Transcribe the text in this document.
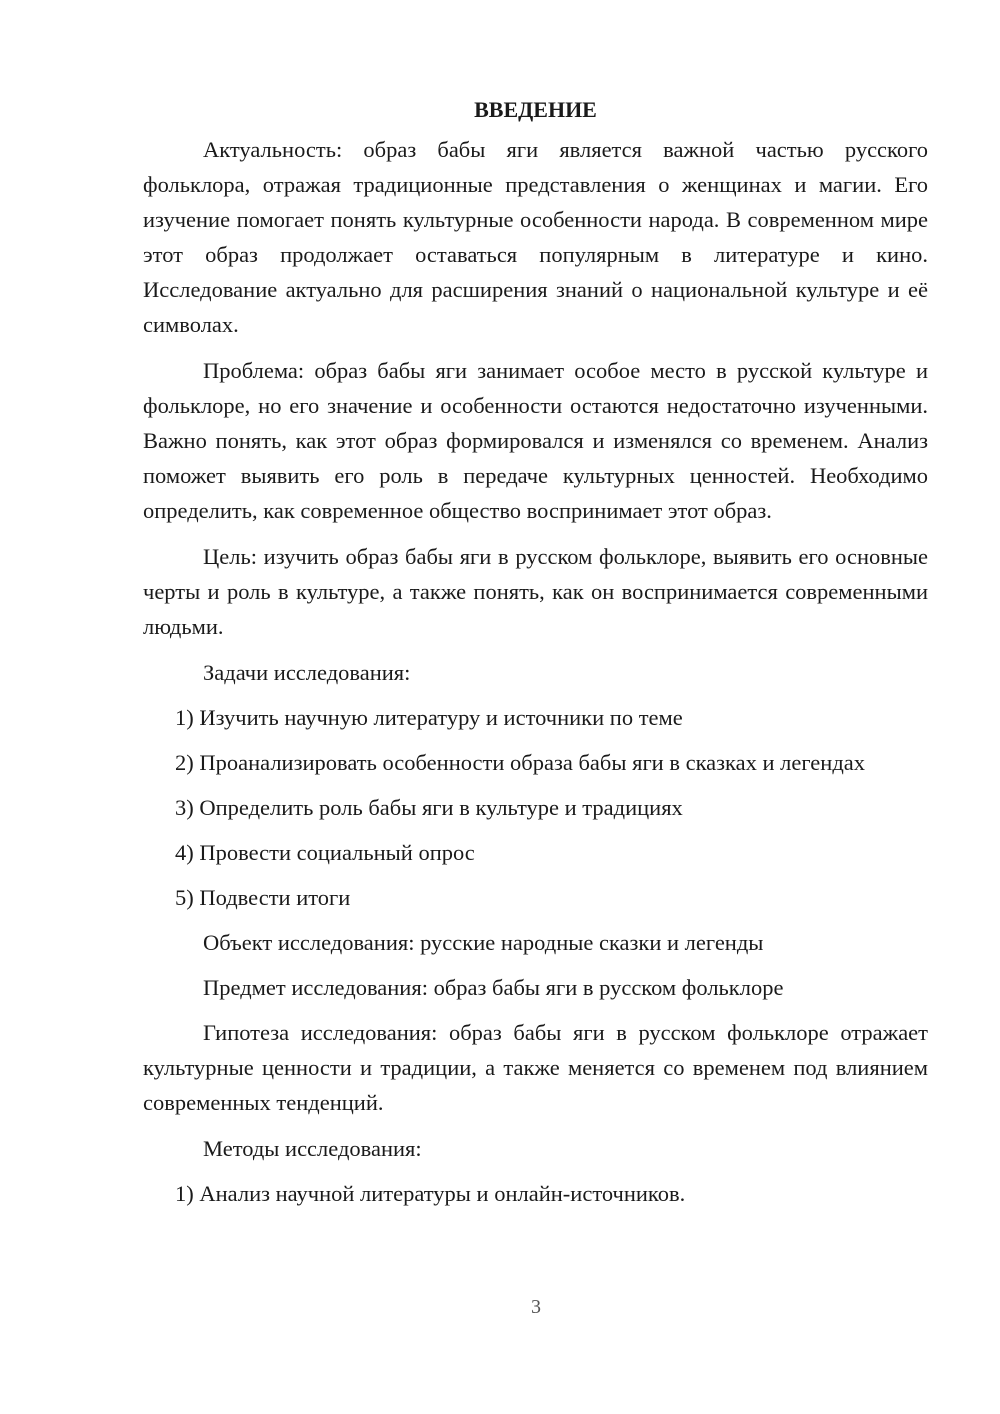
ВВЕДЕНИЕ

Актуальность: образ бабы яги является важной частью русского фольклора, отражая традиционные представления о женщинах и магии. Его изучение помогает понять культурные особенности народа. В современном мире этот образ продолжает оставаться популярным в литературе и кино. Исследование актуально для расширения знаний о национальной культуре и её символах.

Проблема: образ бабы яги занимает особое место в русской культуре и фольклоре, но его значение и особенности остаются недостаточно изученными. Важно понять, как этот образ формировался и изменялся со временем. Анализ поможет выявить его роль в передаче культурных ценностей. Необходимо определить, как современное общество воспринимает этот образ.

Цель: изучить образ бабы яги в русском фольклоре, выявить его основные черты и роль в культуре, а также понять, как он воспринимается современными людьми.

Задачи исследования:

1) Изучить научную литературу и источники по теме

2) Проанализировать особенности образа бабы яги в сказках и легендах

3) Определить роль бабы яги в культуре и традициях

4) Провести социальный опрос

5) Подвести итоги

Объект исследования: русские народные сказки и легенды

Предмет исследования: образ бабы яги в русском фольклоре

Гипотеза исследования: образ бабы яги в русском фольклоре отражает культурные ценности и традиции, а также меняется со временем под влиянием современных тенденций.

Методы исследования:

1) Анализ научной литературы и онлайн-источников.

3
